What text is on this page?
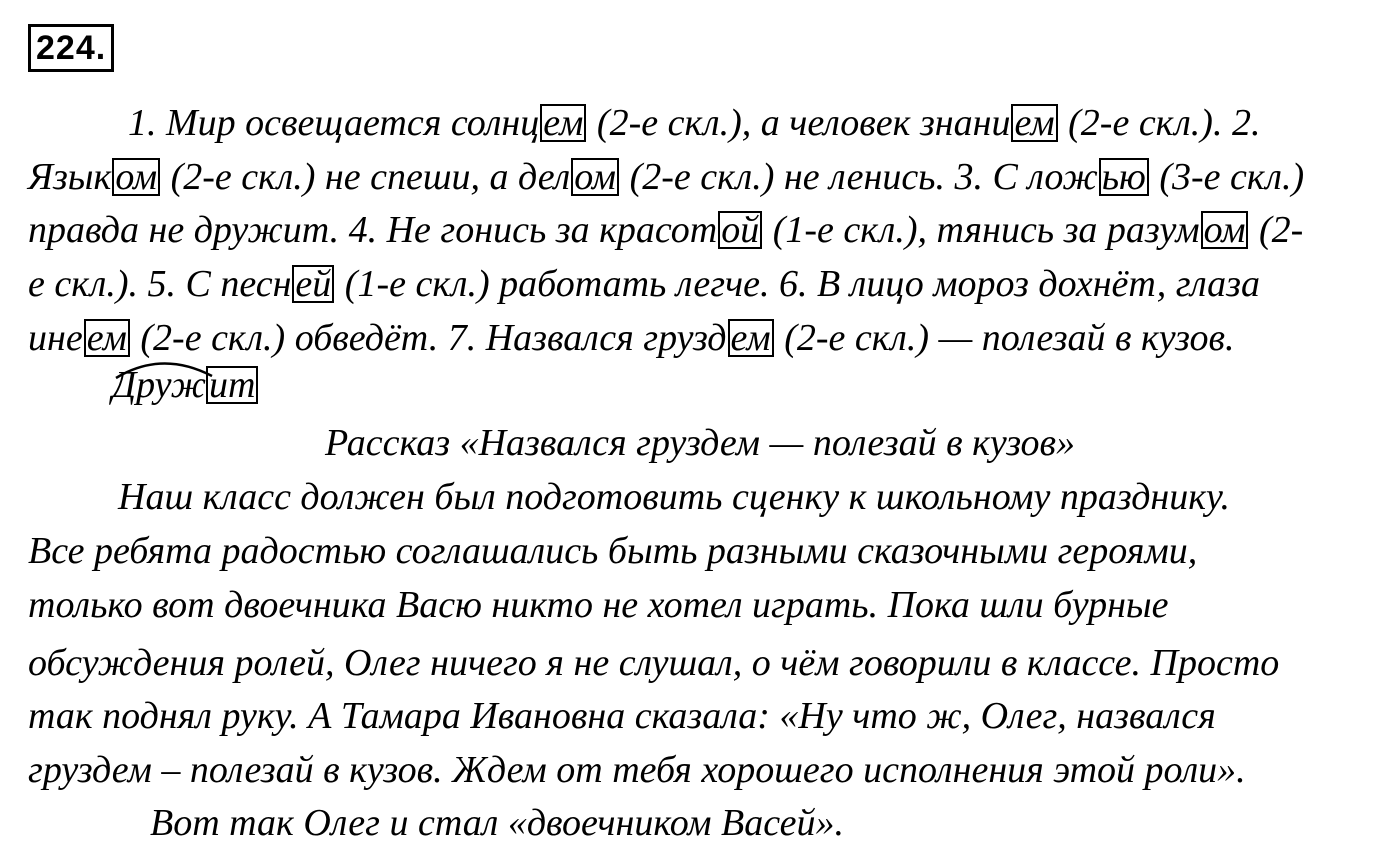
224.
1. Мир освещается солнц ем (2-е скл.), а человек знани ем (2-е скл.). 2.
Язык ом (2-е скл.) не спеши, а дел ом (2-е скл.) не ленись. 3. С лож ью (3-е скл.)
правда не дружит. 4. Не гонись за красот ой (1-е скл.), тянись за разум ом (2-
е скл.). 5. С песн ей (1-е скл.) работать легче. 6. В лицо мороз дохнёт, глаза
ине ем (2-е скл.) обведёт. 7. Назвался грузд ем (2-е скл.) — полезай в кузов.
Дружит
Рассказ «Назвался груздем — полезай в кузов»
Наш класс должен был подготовить сценку к школьному празднику.
Все ребята радостью соглашались быть разными сказочными героями,
только вот двоечника Васю никто не хотел играть. Пока шли бурные
обсуждения ролей, Олег ничего я не слушал, о чём говорили в классе. Просто
так поднял руку. А Тамара Ивановна сказала: «Ну что ж, Олег, назвался
груздем – полезай в кузов. Ждем от тебя хорошего исполнения этой роли».
Вот так Олег и стал «двоечником Васей».
